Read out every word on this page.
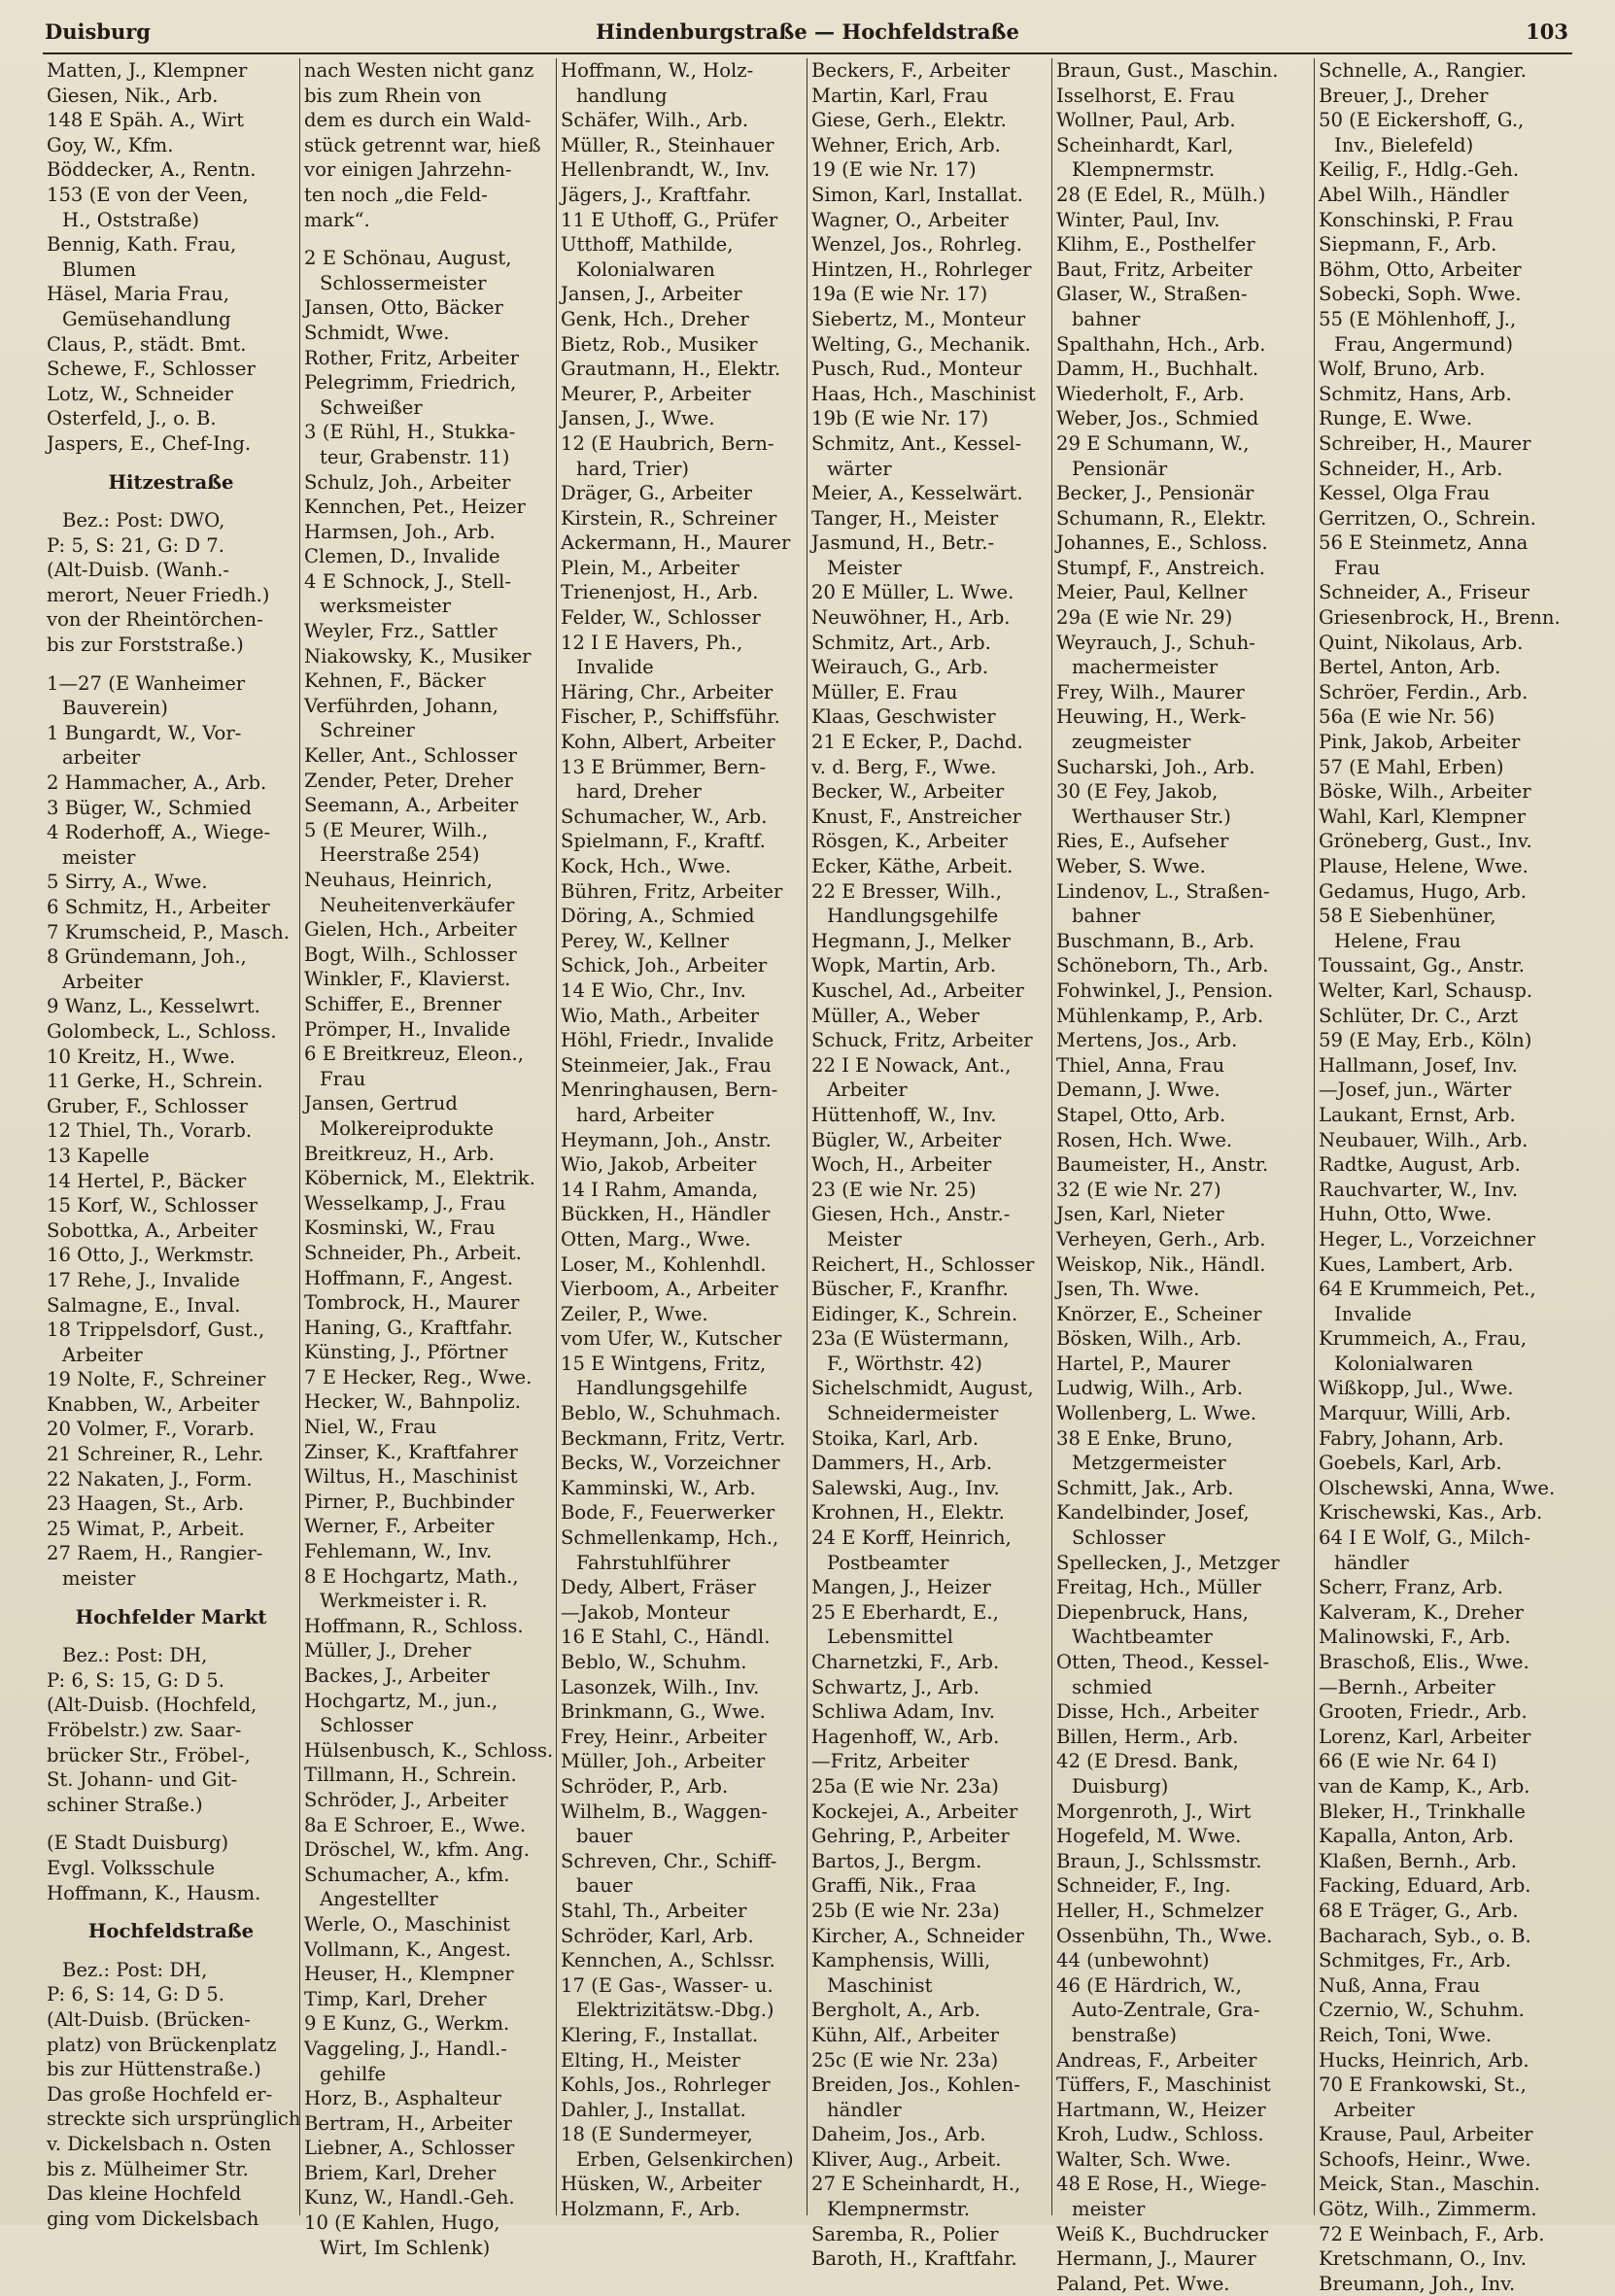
Hindenburgstraße — Hochfeldstraße
Duisburg	103
Matten, J., Klempner
Giesen, Nik., Arb.
148 E Späh. A., Wirt
Goy, W., Kfm.
Böddecker, A., Rentn.
153 (E von der Veen,
H., Oststraße)
Bennig, Kath. Frau,
Blumen
Häsel, Maria Frau,
Gemüsehandlung
Claus, P., städt. Bmt.
Schewe, F., Schlosser
Lotz, W., Schneider
Osterfeld, J., o. B.
Jaspers, E., Chef-Ing.
Hitzestraße
Bez.: Post: DWO,
P: 5, S: 21, G: D 7.
(Alt-Duisb. (Wanh.-
merort, Neuer Friedh.)
von der Rheintörchen-
bis zur Forststraße.)
1—27 (E Wanheimer
Bauverein)
1 Bungardt, W., Vor-
arbeiter
2 Hammacher, A., Arb.
3 Büger, W., Schmied
4 Roderhoff, A., Wiege-
meister
5 Sirry, A., Wwe.
6 Schmitz, H., Arbeiter
7 Krumscheid, P., Masch.
8 Gründemann, Joh.,
Arbeiter
9 Wanz, L., Kesselwrt.
Golombeck, L., Schloss.
10 Kreitz, H., Wwe.
11 Gerke, H., Schrein.
Gruber, F., Schlosser
12 Thiel, Th., Vorarb.
13 Kapelle
14 Hertel, P., Bäcker
15 Korf, W., Schlosser
Sobottka, A., Arbeiter
16 Otto, J., Werkmstr.
17 Rehe, J., Invalide
Salmagne, E., Inval.
18 Trippelsdorf, Gust.,
Arbeiter
19 Nolte, F., Schreiner
Knabben, W., Arbeiter
20 Volmer, F., Vorarb.
21 Schreiner, R., Lehr.
22 Nakaten, J., Form.
23 Haagen, St., Arb.
25 Wimat, P., Arbeit.
27 Raem, H., Rangier-
meister
Hochfelder Markt
Bez.: Post: DH,
P: 6, S: 15, G: D 5.
(Alt-Duisb. (Hochfeld,
Fröbelstr.) zw. Saar-
brücker Str., Fröbel-,
St. Johann- und Git-
schiner Straße.)
(E Stadt Duisburg)
Evgl. Volksschule
Hoffmann, K., Hausm.
Hochfeldstraße
Bez.: Post: DH,
P: 6, S: 14, G: D 5.
(Alt-Duisb. (Brücken-
platz) von Brückenplatz
bis zur Hüttenstraße.)
Das große Hochfeld er-
streckte sich ursprünglich
v. Dickelsbach n. Osten
bis z. Mülheimer Str.
Das kleine Hochfeld
ging vom Dickelsbach
nach Westen nicht ganz
bis zum Rhein von
dem es durch ein Wald-
stück getrennt war, hieß
vor einigen Jahrzehn-
ten noch „die Feld-
mark“.
2 E Schönau, August,
Schlossermeister
Jansen, Otto, Bäcker
Schmidt, Wwe.
Rother, Fritz, Arbeiter
Pelegrimm, Friedrich,
Schweißer
3 (E Rühl, H., Stukka-
teur, Grabenstr. 11)
Schulz, Joh., Arbeiter
Kennchen, Pet., Heizer
Harmsen, Joh., Arb.
Clemen, D., Invalide
4 E Schnock, J., Stell-
werksmeister
Weyler, Frz., Sattler
Niakowsky, K., Musiker
Kehnen, F., Bäcker
Verführden, Johann,
Schreiner
Keller, Ant., Schlosser
Zender, Peter, Dreher
Seemann, A., Arbeiter
5 (E Meurer, Wilh.,
Heerstraße 254)
Neuhaus, Heinrich,
Neuheitenverkäufer
Gielen, Hch., Arbeiter
Bogt, Wilh., Schlosser
Winkler, F., Klavierst.
Schiffer, E., Brenner
Prömper, H., Invalide
6 E Breitkreuz, Eleon.,
Frau
Jansen, Gertrud
Molkereiprodukte
Breitkreuz, H., Arb.
Köbernick, M., Elektrik.
Wesselkamp, J., Frau
Kosminski, W., Frau
Schneider, Ph., Arbeit.
Hoffmann, F., Angest.
Tombrock, H., Maurer
Haning, G., Kraftfahr.
Künsting, J., Pförtner
7 E Hecker, Reg., Wwe.
Hecker, W., Bahnpoliz.
Niel, W., Frau
Zinser, K., Kraftfahrer
Wiltus, H., Maschinist
Pirner, P., Buchbinder
Werner, F., Arbeiter
Fehlemann, W., Inv.
8 E Hochgartz, Math.,
Werkmeister i. R.
Hoffmann, R., Schloss.
Müller, J., Dreher
Backes, J., Arbeiter
Hochgartz, M., jun.,
Schlosser
Hülsenbusch, K., Schloss.
Tillmann, H., Schrein.
Schröder, J., Arbeiter
8a E Schroer, E., Wwe.
Dröschel, W., kfm. Ang.
Schumacher, A., kfm.
Angestellter
Werle, O., Maschinist
Vollmann, K., Angest.
Heuser, H., Klempner
Timp, Karl, Dreher
9 E Kunz, G., Werkm.
Vaggeling, J., Handl.-
gehilfe
Horz, B., Asphalteur
Bertram, H., Arbeiter
Liebner, A., Schlosser
Briem, Karl, Dreher
Kunz, W., Handl.-Geh.
10 (E Kahlen, Hugo,
Wirt, Im Schlenk)
Hoffmann, W., Holz-
handlung
Schäfer, Wilh., Arb.
Müller, R., Steinhauer
Hellenbrandt, W., Inv.
Jägers, J., Kraftfahr.
11 E Uthoff, G., Prüfer
Utthoff, Mathilde,
Kolonialwaren
Jansen, J., Arbeiter
Genk, Hch., Dreher
Bietz, Rob., Musiker
Grautmann, H., Elektr.
Meurer, P., Arbeiter
Jansen, J., Wwe.
12 (E Haubrich, Bern-
hard, Trier)
Dräger, G., Arbeiter
Kirstein, R., Schreiner
Ackermann, H., Maurer
Plein, M., Arbeiter
Trienenjost, H., Arb.
Felder, W., Schlosser
12 I E Havers, Ph.,
Invalide
Häring, Chr., Arbeiter
Fischer, P., Schiffsführ.
Kohn, Albert, Arbeiter
13 E Brümmer, Bern-
hard, Dreher
Schumacher, W., Arb.
Spielmann, F., Kraftf.
Kock, Hch., Wwe.
Bühren, Fritz, Arbeiter
Döring, A., Schmied
Perey, W., Kellner
Schick, Joh., Arbeiter
14 E Wio, Chr., Inv.
Wio, Math., Arbeiter
Höhl, Friedr., Invalide
Steinmeier, Jak., Frau
Menringhausen, Bern-
hard, Arbeiter
Heymann, Joh., Anstr.
Wio, Jakob, Arbeiter
14 I Rahm, Amanda,
Bückken, H., Händler
Otten, Marg., Wwe.
Loser, M., Kohlenhdl.
Vierboom, A., Arbeiter
Zeiler, P., Wwe.
vom Ufer, W., Kutscher
15 E Wintgens, Fritz,
Handlungsgehilfe
Beblo, W., Schuhmach.
Beckmann, Fritz, Vertr.
Becks, W., Vorzeichner
Kamminski, W., Arb.
Bode, F., Feuerwerker
Schmellenkamp, Hch.,
Fahrstuhlführer
Dedy, Albert, Fräser
—Jakob, Monteur
16 E Stahl, C., Händl.
Beblo, W., Schuhm.
Lasonzek, Wilh., Inv.
Brinkmann, G., Wwe.
Frey, Heinr., Arbeiter
Müller, Joh., Arbeiter
Schröder, P., Arb.
Wilhelm, B., Waggen-
bauer
Schreven, Chr., Schiff-
bauer
Stahl, Th., Arbeiter
Schröder, Karl, Arb.
Kennchen, A., Schlssr.
17 (E Gas-, Wasser- u.
Elektrizitätsw.-Dbg.)
Klering, F., Installat.
Elting, H., Meister
Kohls, Jos., Rohrleger
Dahler, J., Installat.
18 (E Sundermeyer,
Erben, Gelsenkirchen)
Hüsken, W., Arbeiter
Holzmann, F., Arb.
Beckers, F., Arbeiter
Martin, Karl, Frau
Giese, Gerh., Elektr.
Wehner, Erich, Arb.
19 (E wie Nr. 17)
Simon, Karl, Installat.
Wagner, O., Arbeiter
Wenzel, Jos., Rohrleg.
Hintzen, H., Rohrleger
19a (E wie Nr. 17)
Siebertz, M., Monteur
Welting, G., Mechanik.
Pusch, Rud., Monteur
Haas, Hch., Maschinist
19b (E wie Nr. 17)
Schmitz, Ant., Kessel-
wärter
Meier, A., Kesselwärt.
Tanger, H., Meister
Jasmund, H., Betr.-
Meister
20 E Müller, L. Wwe.
Neuwöhner, H., Arb.
Schmitz, Art., Arb.
Weirauch, G., Arb.
Müller, E. Frau
Klaas, Geschwister
21 E Ecker, P., Dachd.
v. d. Berg, F., Wwe.
Becker, W., Arbeiter
Knust, F., Anstreicher
Rösgen, K., Arbeiter
Ecker, Käthe, Arbeit.
22 E Bresser, Wilh.,
Handlungsgehilfe
Hegmann, J., Melker
Wopk, Martin, Arb.
Kuschel, Ad., Arbeiter
Müller, A., Weber
Schuck, Fritz, Arbeiter
22 I E Nowack, Ant.,
Arbeiter
Hüttenhoff, W., Inv.
Bügler, W., Arbeiter
Woch, H., Arbeiter
23 (E wie Nr. 25)
Giesen, Hch., Anstr.-
Meister
Reichert, H., Schlosser
Büscher, F., Kranfhr.
Eidinger, K., Schrein.
23a (E Wüstermann,
F., Wörthstr. 42)
Sichelschmidt, August,
Schneidermeister
Stoika, Karl, Arb.
Dammers, H., Arb.
Salewski, Aug., Inv.
Krohnen, H., Elektr.
24 E Korff, Heinrich,
Postbeamter
Mangen, J., Heizer
25 E Eberhardt, E.,
Lebensmittel
Charnetzki, F., Arb.
Schwartz, J., Arb.
Schliwa Adam, Inv.
Hagenhoff, W., Arb.
—Fritz, Arbeiter
25a (E wie Nr. 23a)
Kockejei, A., Arbeiter
Gehring, P., Arbeiter
Bartos, J., Bergm.
Graffi, Nik., Fraa
25b (E wie Nr. 23a)
Kircher, A., Schneider
Kamphensis, Willi,
Maschinist
Bergholt, A., Arb.
Kühn, Alf., Arbeiter
25c (E wie Nr. 23a)
Breiden, Jos., Kohlen-
händler
Daheim, Jos., Arb.
Kliver, Aug., Arbeit.
27 E Scheinhardt, H.,
Klempnermstr.
Saremba, R., Polier
Baroth, H., Kraftfahr.
Braun, Gust., Maschin.
Isselhorst, E. Frau
Wollner, Paul, Arb.
Scheinhardt, Karl,
Klempnermstr.
28 (E Edel, R., Mülh.)
Winter, Paul, Inv.
Klihm, E., Posthelfer
Baut, Fritz, Arbeiter
Glaser, W., Straßen-
bahner
Spalthahn, Hch., Arb.
Damm, H., Buchhalt.
Wiederholt, F., Arb.
Weber, Jos., Schmied
29 E Schumann, W.,
Pensionär
Becker, J., Pensionär
Schumann, R., Elektr.
Johannes, E., Schloss.
Stumpf, F., Anstreich.
Meier, Paul, Kellner
29a (E wie Nr. 29)
Weyrauch, J., Schuh-
machermeister
Frey, Wilh., Maurer
Heuwing, H., Werk-
zeugmeister
Sucharski, Joh., Arb.
30 (E Fey, Jakob,
Werthauser Str.)
Ries, E., Aufseher
Weber, S. Wwe.
Lindenov, L., Straßen-
bahner
Buschmann, B., Arb.
Schöneborn, Th., Arb.
Fohwinkel, J., Pension.
Mühlenkamp, P., Arb.
Mertens, Jos., Arb.
Thiel, Anna, Frau
Demann, J. Wwe.
Stapel, Otto, Arb.
Rosen, Hch. Wwe.
Baumeister, H., Anstr.
32 (E wie Nr. 27)
Jsen, Karl, Nieter
Verheyen, Gerh., Arb.
Weiskop, Nik., Händl.
Jsen, Th. Wwe.
Knörzer, E., Scheiner
Bösken, Wilh., Arb.
Hartel, P., Maurer
Ludwig, Wilh., Arb.
Wollenberg, L. Wwe.
38 E Enke, Bruno,
Metzgermeister
Schmitt, Jak., Arb.
Kandelbinder, Josef,
Schlosser
Spellecken, J., Metzger
Freitag, Hch., Müller
Diepenbruck, Hans,
Wachtbeamter
Otten, Theod., Kessel-
schmied
Disse, Hch., Arbeiter
Billen, Herm., Arb.
42 (E Dresd. Bank,
Duisburg)
Morgenroth, J., Wirt
Hogefeld, M. Wwe.
Braun, J., Schlssmstr.
Schneider, F., Ing.
Heller, H., Schmelzer
Ossenbühn, Th., Wwe.
44 (unbewohnt)
46 (E Härdrich, W.,
Auto-Zentrale, Gra-
benstraße)
Andreas, F., Arbeiter
Tüffers, F., Maschinist
Hartmann, W., Heizer
Kroh, Ludw., Schloss.
Walter, Sch. Wwe.
48 E Rose, H., Wiege-
meister
Weiß K., Buchdrucker
Hermann, J., Maurer
Paland, Pet. Wwe.
Schnelle, A., Rangier.
Breuer, J., Dreher
50 (E Eickershoff, G.,
Inv., Bielefeld)
Keilig, F., Hdlg.-Geh.
Abel Wilh., Händler
Konschinski, P. Frau
Siepmann, F., Arb.
Böhm, Otto, Arbeiter
Sobecki, Soph. Wwe.
55 (E Möhlenhoff, J.,
Frau, Angermund)
Wolf, Bruno, Arb.
Schmitz, Hans, Arb.
Runge, E. Wwe.
Schreiber, H., Maurer
Schneider, H., Arb.
Kessel, Olga Frau
Gerritzen, O., Schrein.
56 E Steinmetz, Anna
Frau
Schneider, A., Friseur
Griesenbrock, H., Brenn.
Quint, Nikolaus, Arb.
Bertel, Anton, Arb.
Schröer, Ferdin., Arb.
56a (E wie Nr. 56)
Pink, Jakob, Arbeiter
57 (E Mahl, Erben)
Böske, Wilh., Arbeiter
Wahl, Karl, Klempner
Gröneberg, Gust., Inv.
Plause, Helene, Wwe.
Gedamus, Hugo, Arb.
58 E Siebenhüner,
Helene, Frau
Toussaint, Gg., Anstr.
Welter, Karl, Schausp.
Schlüter, Dr. C., Arzt
59 (E May, Erb., Köln)
Hallmann, Josef, Inv.
—Josef, jun., Wärter
Laukant, Ernst, Arb.
Neubauer, Wilh., Arb.
Radtke, August, Arb.
Rauchvarter, W., Inv.
Huhn, Otto, Wwe.
Heger, L., Vorzeichner
Kues, Lambert, Arb.
64 E Krummeich, Pet.,
Invalide
Krummeich, A., Frau,
Kolonialwaren
Wißkopp, Jul., Wwe.
Marquur, Willi, Arb.
Fabry, Johann, Arb.
Goebels, Karl, Arb.
Olschewski, Anna, Wwe.
Krischewski, Kas., Arb.
64 I E Wolf, G., Milch-
händler
Scherr, Franz, Arb.
Kalveram, K., Dreher
Malinowski, F., Arb.
Braschoß, Elis., Wwe.
—Bernh., Arbeiter
Grooten, Friedr., Arb.
Lorenz, Karl, Arbeiter
66 (E wie Nr. 64 I)
van de Kamp, K., Arb.
Bleker, H., Trinkhalle
Kapalla, Anton, Arb.
Klaßen, Bernh., Arb.
Facking, Eduard, Arb.
68 E Träger, G., Arb.
Bacharach, Syb., o. B.
Schmitges, Fr., Arb.
Nuß, Anna, Frau
Czernio, W., Schuhm.
Reich, Toni, Wwe.
Hucks, Heinrich, Arb.
70 E Frankowski, St.,
Arbeiter
Krause, Paul, Arbeiter
Schoofs, Heinr., Wwe.
Meick, Stan., Maschin.
Götz, Wilh., Zimmerm.
72 E Weinbach, F., Arb.
Kretschmann, O., Inv.
Breumann, Joh., Inv.
